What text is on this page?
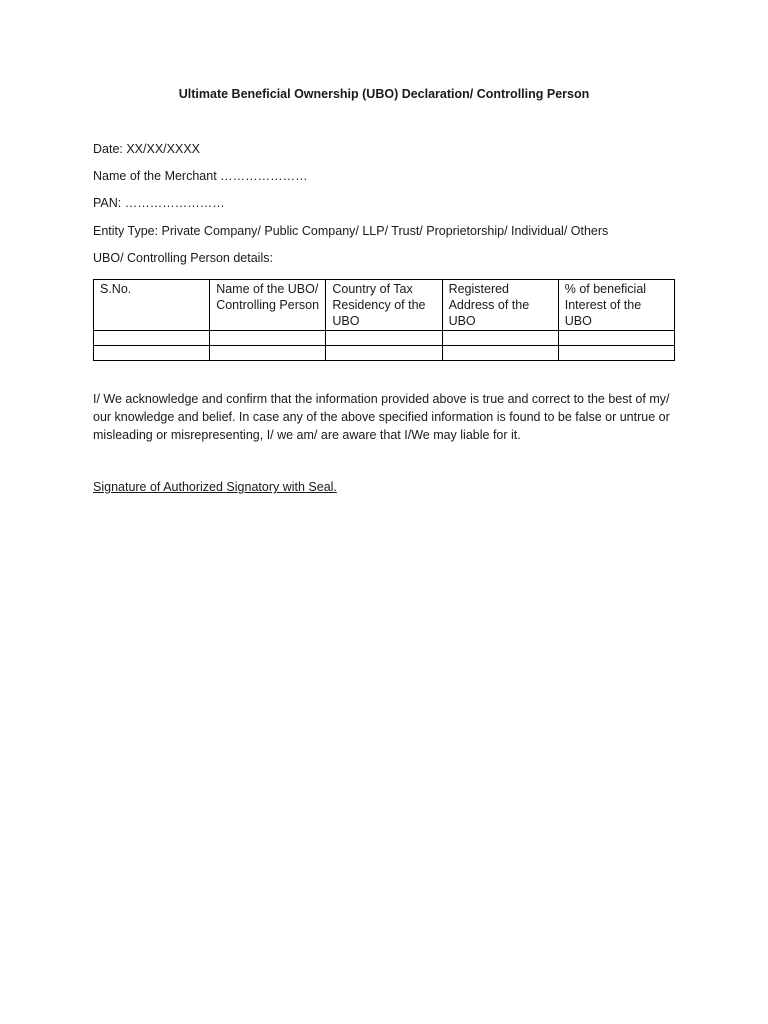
Ultimate Beneficial Ownership (UBO) Declaration/ Controlling Person
Date: XX/XX/XXXX
Name of the Merchant …………………
PAN: ……………………
Entity Type: Private Company/ Public Company/ LLP/ Trust/ Proprietorship/ Individual/ Others
UBO/ Controlling Person details:
S.No.	Name of the UBO/ Controlling Person	Country of Tax Residency of the UBO	Registered Address of the UBO	% of beneficial Interest of the UBO

I/ We acknowledge and confirm that the information provided above is true and correct to the best of my/ our knowledge and belief. In case any of the above specified information is found to be false or untrue or misleading or misrepresenting, I/ we am/ are aware that I/We may liable for it.
Signature of Authorized Signatory with Seal.
